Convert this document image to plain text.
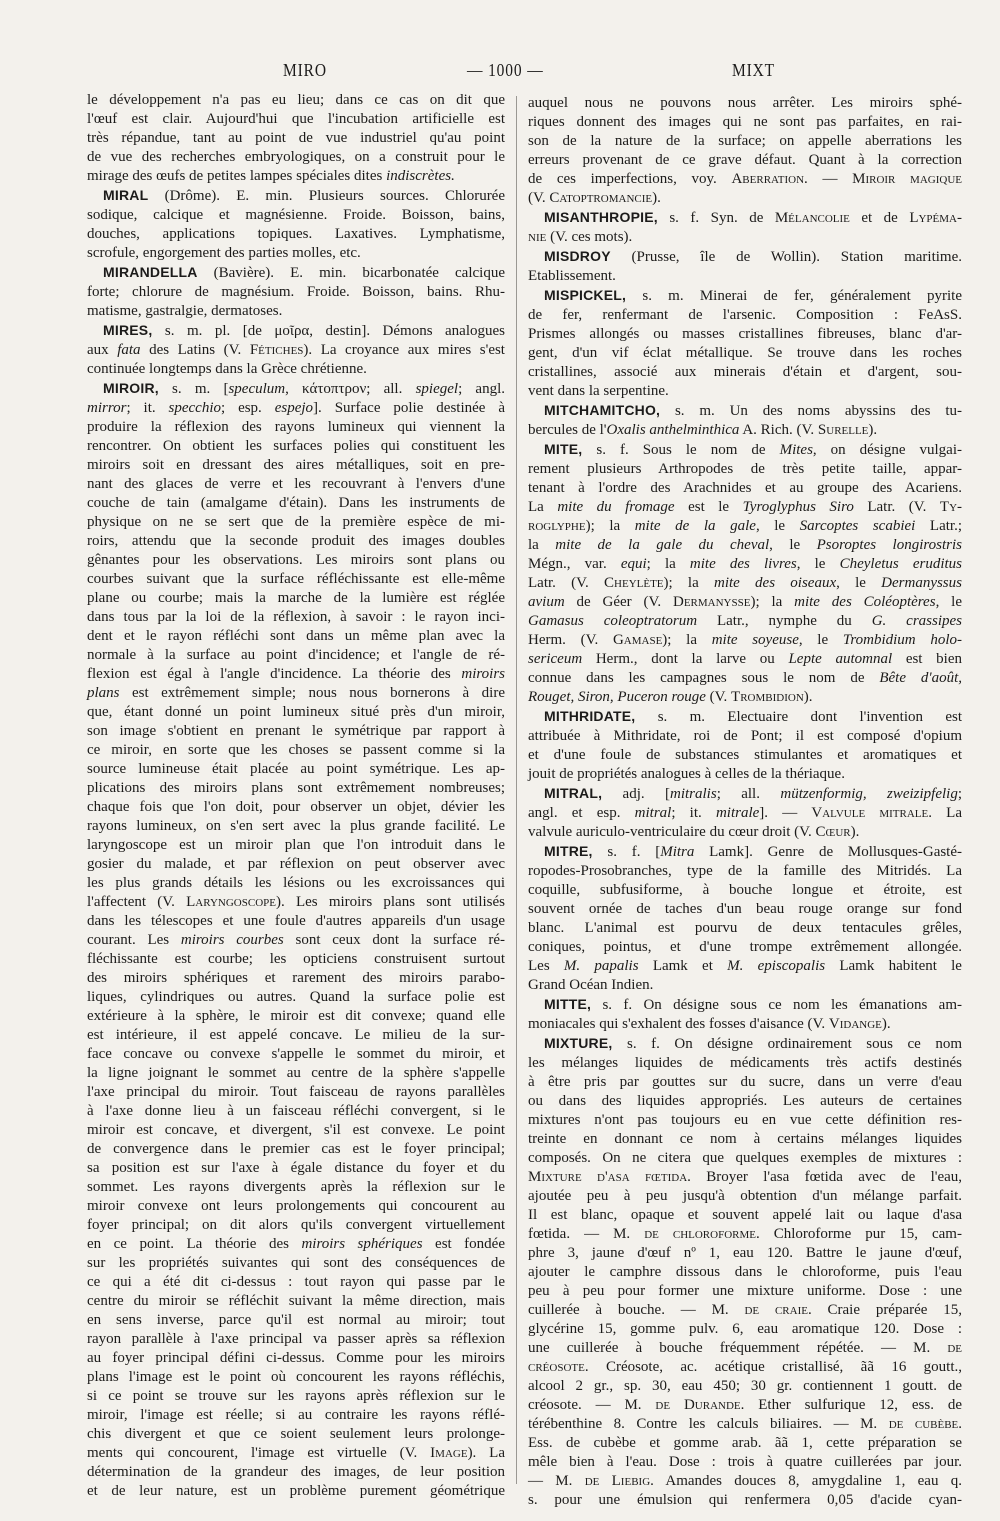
MIRO	— 1000 —	MIXT
le développement n'a pas eu lieu; dans ce cas on dit que
l'œuf est clair. Aujourd'hui que l'incubation artificielle est
très répandue, tant au point de vue industriel qu'au point
de vue des recherches embryologiques, on a construit pour le
mirage des œufs de petites lampes spéciales dites indiscrètes.
MIRAL (Drôme). E. min. Plusieurs sources. Chlorurée
sodique, calcique et magnésienne. Froide. Boisson, bains,
douches, applications topiques. Laxatives. Lymphatisme,
scrofule, engorgement des parties molles, etc.
MIRANDELLA (Bavière). E. min. bicarbonatée calcique
forte; chlorure de magnésium. Froide. Boisson, bains. Rhu-
matisme, gastralgie, dermatoses.
MIRES, s. m. pl. [de μοῖρα, destin]. Démons analogues
aux fata des Latins (V. Fétiches). La croyance aux mires s'est
continuée longtemps dans la Grèce chrétienne.
MIROIR, s. m. [speculum, κάτοπτρον; all. spiegel; angl.
mirror; it. specchio; esp. espejo]. Surface polie destinée à
produire la réflexion des rayons lumineux qui viennent la
rencontrer. On obtient les surfaces polies qui constituent les
miroirs soit en dressant des aires métalliques, soit en pre-
nant des glaces de verre et les recouvrant à l'envers d'une
couche de tain (amalgame d'étain). Dans les instruments de
physique on ne se sert que de la première espèce de mi-
roirs, attendu que la seconde produit des images doubles
gênantes pour les observations. Les miroirs sont plans ou
courbes suivant que la surface réfléchissante est elle-même
plane ou courbe; mais la marche de la lumière est réglée
dans tous par la loi de la réflexion, à savoir : le rayon inci-
dent et le rayon réfléchi sont dans un même plan avec la
normale à la surface au point d'incidence; et l'angle de ré-
flexion est égal à l'angle d'incidence. La théorie des miroirs
plans est extrêmement simple; nous nous bornerons à dire
que, étant donné un point lumineux situé près d'un miroir,
son image s'obtient en prenant le symétrique par rapport à
ce miroir, en sorte que les choses se passent comme si la
source lumineuse était placée au point symétrique. Les ap-
plications des miroirs plans sont extrêmement nombreuses;
chaque fois que l'on doit, pour observer un objet, dévier les
rayons lumineux, on s'en sert avec la plus grande facilité. Le
laryngoscope est un miroir plan que l'on introduit dans le
gosier du malade, et par réflexion on peut observer avec
les plus grands détails les lésions ou les excroissances qui
l'affectent (V. Laryngoscope). Les miroirs plans sont utilisés
dans les télescopes et une foule d'autres appareils d'un usage
courant. Les miroirs courbes sont ceux dont la surface ré-
fléchissante est courbe; les opticiens construisent surtout
des miroirs sphériques et rarement des miroirs parabo-
liques, cylindriques ou autres. Quand la surface polie est
extérieure à la sphère, le miroir est dit convexe; quand elle
est intérieure, il est appelé concave. Le milieu de la sur-
face concave ou convexe s'appelle le sommet du miroir, et
la ligne joignant le sommet au centre de la sphère s'appelle
l'axe principal du miroir. Tout faisceau de rayons parallèles
à l'axe donne lieu à un faisceau réfléchi convergent, si le
miroir est concave, et divergent, s'il est convexe. Le point
de convergence dans le premier cas est le foyer principal;
sa position est sur l'axe à égale distance du foyer et du
sommet. Les rayons divergents après la réflexion sur le
miroir convexe ont leurs prolongements qui concourent au
foyer principal; on dit alors qu'ils convergent virtuellement
en ce point. La théorie des miroirs sphériques est fondée
sur les propriétés suivantes qui sont des conséquences de
ce qui a été dit ci-dessus : tout rayon qui passe par le
centre du miroir se réfléchit suivant la même direction, mais
en sens inverse, parce qu'il est normal au miroir; tout
rayon parallèle à l'axe principal va passer après sa réflexion
au foyer principal défini ci-dessus. Comme pour les miroirs
plans l'image est le point où concourent les rayons réfléchis,
si ce point se trouve sur les rayons après réflexion sur le
miroir, l'image est réelle; si au contraire les rayons réflé-
chis divergent et que ce soient seulement leurs prolonge-
ments qui concourent, l'image est virtuelle (V. Image). La
détermination de la grandeur des images, de leur position
et de leur nature, est un problème purement géométrique
auquel nous ne pouvons nous arrêter. Les miroirs sphé-
riques donnent des images qui ne sont pas parfaites, en rai-
son de la nature de la surface; on appelle aberrations les
erreurs provenant de ce grave défaut. Quant à la correction
de ces imperfections, voy. Aberration. — Miroir magique
(V. Catoptromancie).
MISANTHROPIE, s. f. Syn. de Mélancolie et de Lypéma-
nie (V. ces mots).
MISDROY (Prusse, île de Wollin). Station maritime.
Etablissement.
MISPICKEL, s. m. Minerai de fer, généralement pyrite
de fer, renfermant de l'arsenic. Composition : FeAsS.
Prismes allongés ou masses cristallines fibreuses, blanc d'ar-
gent, d'un vif éclat métallique. Se trouve dans les roches
cristallines, associé aux minerais d'étain et d'argent, sou-
vent dans la serpentine.
MITCHAMITCHO, s. m. Un des noms abyssins des tu-
bercules de l'Oxalis anthelminthica A. Rich. (V. Surelle).
MITE, s. f. Sous le nom de Mites, on désigne vulgai-
rement plusieurs Arthropodes de très petite taille, appar-
tenant à l'ordre des Arachnides et au groupe des Acariens.
La mite du fromage est le Tyroglyphus Siro Latr. (V. Ty-
roglyphe); la mite de la gale, le Sarcoptes scabiei Latr.;
la mite de la gale du cheval, le Psoroptes longirostris
Mégn., var. equi; la mite des livres, le Cheyletus eruditus
Latr. (V. Cheylète); la mite des oiseaux, le Dermanyssus
avium de Géer (V. Dermanysse); la mite des Coléoptères, le
Gamasus coleoptratorum Latr., nymphe du G. crassipes
Herm. (V. Gamase); la mite soyeuse, le Trombidium holo-
sericeum Herm., dont la larve ou Lepte automnal est bien
connue dans les campagnes sous le nom de Bête d'août,
Rouget, Siron, Puceron rouge (V. Trombidion).
MITHRIDATE, s. m. Electuaire dont l'invention est
attribuée à Mithridate, roi de Pont; il est composé d'opium
et d'une foule de substances stimulantes et aromatiques et
jouit de propriétés analogues à celles de la thériaque.
MITRAL, adj. [mitralis; all. mützenformig, zweizipfelig;
angl. et esp. mitral; it. mitrale]. — Valvule mitrale. La
valvule auriculo-ventriculaire du cœur droit (V. Cœur).
MITRE, s. f. [Mitra Lamk]. Genre de Mollusques-Gasté-
ropodes-Prosobranches, type de la famille des Mitridés. La
coquille, subfusiforme, à bouche longue et étroite, est
souvent ornée de taches d'un beau rouge orange sur fond
blanc. L'animal est pourvu de deux tentacules grêles,
coniques, pointus, et d'une trompe extrêmement allongée.
Les M. papalis Lamk et M. episcopalis Lamk habitent le
Grand Océan Indien.
MITTE, s. f. On désigne sous ce nom les émanations am-
moniacales qui s'exhalent des fosses d'aisance (V. Vidange).
MIXTURE, s. f. On désigne ordinairement sous ce nom
les mélanges liquides de médicaments très actifs destinés
à être pris par gouttes sur du sucre, dans un verre d'eau
ou dans des liquides appropriés. Les auteurs de certaines
mixtures n'ont pas toujours eu en vue cette définition res-
treinte en donnant ce nom à certains mélanges liquides
composés. On ne citera que quelques exemples de mixtures :
Mixture d'asa fœtida. Broyer l'asa fœtida avec de l'eau,
ajoutée peu à peu jusqu'à obtention d'un mélange parfait.
Il est blanc, opaque et souvent appelé lait ou laque d'asa
fœtida. — M. de chloroforme. Chloroforme pur 15, cam-
phre 3, jaune d'œuf nº 1, eau 120. Battre le jaune d'œuf,
ajouter le camphre dissous dans le chloroforme, puis l'eau
peu à peu pour former une mixture uniforme. Dose : une
cuillerée à bouche. — M. de craie. Craie préparée 15,
glycérine 15, gomme pulv. 6, eau aromatique 120. Dose :
une cuillerée à bouche fréquemment répétée. — M. de
créosote. Créosote, ac. acétique cristallisé, ãã 16 goutt.,
alcool 2 gr., sp. 30, eau 450; 30 gr. contiennent 1 goutt. de
créosote. — M. de Durande. Ether sulfurique 12, ess. de
térébenthine 8. Contre les calculs biliaires. — M. de cubèbe.
Ess. de cubèbe et gomme arab. ãã 1, cette préparation se
mêle bien à l'eau. Dose : trois à quatre cuillerées par jour.
— M. de Liebig. Amandes douces 8, amygdaline 1, eau q.
s. pour une émulsion qui renfermera 0,05 d'acide cyan-
